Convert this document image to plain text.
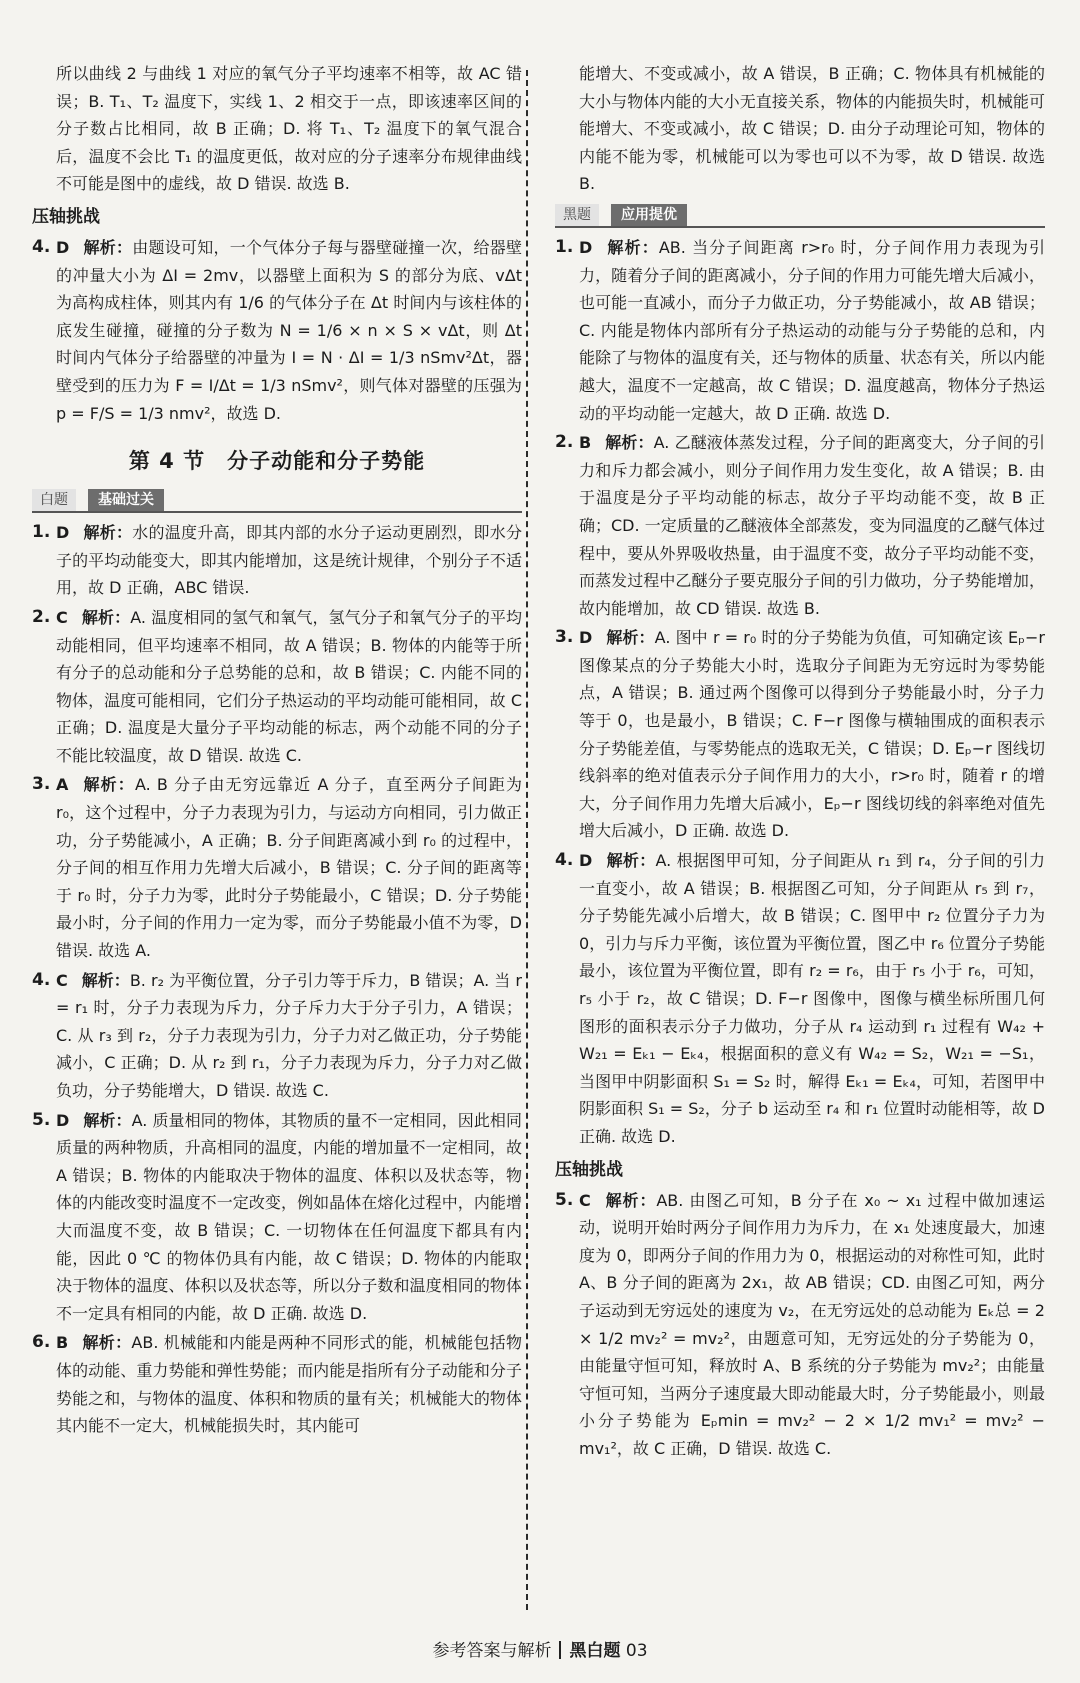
所以曲线 2 与曲线 1 对应的氧气分子平均速率不相等，故 AC 错误；B. T₁、T₂ 温度下，实线 1、2 相交于一点，即该速率区间的分子数占比相同，故 B 正确；D. 将 T₁、T₂ 温度下的氧气混合后，温度不会比 T₁ 的温度更低，故对应的分子速率分布规律曲线不可能是图中的虚线，故 D 错误. 故选 B.

压轴挑战
4. D 解析：由题设可知，一个气体分子每与器壁碰撞一次，给器壁的冲量大小为 ΔI = 2mv，以器壁上面积为 S 的部分为底、vΔt 为高构成柱体，则其内有 1/6 的气体分子在 Δt 时间内与该柱体的底发生碰撞，碰撞的分子数为 N = 1/6 × n × S × vΔt，则 Δt 时间内气体分子给器壁的冲量为 I = N · ΔI = 1/3 nSmv²Δt，器壁受到的压力为 F = I/Δt = 1/3 nSmv²，则气体对器壁的压强为 p = F/S = 1/3 nmv²，故选 D.

第 4 节　分子动能和分子势能
白题	基础过关
1. D 解析：水的温度升高，即其内部的水分子运动更剧烈，即水分子的平均动能变大，即其内能增加，这是统计规律，个别分子不适用，故 D 正确，ABC 错误.

2. C 解析：A. 温度相同的氢气和氧气，氢气分子和氧气分子的平均动能相同，但平均速率不相同，故 A 错误；B. 物体的内能等于所有分子的总动能和分子总势能的总和，故 B 错误；C. 内能不同的物体，温度可能相同，它们分子热运动的平均动能可能相同，故 C 正确；D. 温度是大量分子平均动能的标志，两个动能不同的分子不能比较温度，故 D 错误. 故选 C.

3. A 解析：A. B 分子由无穷远靠近 A 分子，直至两分子间距为 r₀，这个过程中，分子力表现为引力，与运动方向相同，引力做正功，分子势能减小，A 正确；B. 分子间距离减小到 r₀ 的过程中，分子间的相互作用力先增大后减小，B 错误；C. 分子间的距离等于 r₀ 时，分子力为零，此时分子势能最小，C 错误；D. 分子势能最小时，分子间的作用力一定为零，而分子势能最小值不为零，D 错误. 故选 A.

4. C 解析：B. r₂ 为平衡位置，分子引力等于斥力，B 错误；A. 当 r = r₁ 时，分子力表现为斥力，分子斥力大于分子引力，A 错误；C. 从 r₃ 到 r₂，分子力表现为引力，分子力对乙做正功，分子势能减小，C 正确；D. 从 r₂ 到 r₁，分子力表现为斥力，分子力对乙做负功，分子势能增大，D 错误. 故选 C.

5. D 解析：A. 质量相同的物体，其物质的量不一定相同，因此相同质量的两种物质，升高相同的温度，内能的增加量不一定相同，故 A 错误；B. 物体的内能取决于物体的温度、体积以及状态等，物体的内能改变时温度不一定改变，例如晶体在熔化过程中，内能增大而温度不变，故 B 错误；C. 一切物体在任何温度下都具有内能，因此 0 ℃ 的物体仍具有内能，故 C 错误；D. 物体的内能取决于物体的温度、体积以及状态等，所以分子数和温度相同的物体不一定具有相同的内能，故 D 正确. 故选 D.

6. B 解析：AB. 机械能和内能是两种不同形式的能，机械能包括物体的动能、重力势能和弹性势能；而内能是指所有分子动能和分子势能之和，与物体的温度、体积和物质的量有关；机械能大的物体其内能不一定大，机械能损失时，其内能可

能增大、不变或减小，故 A 错误，B 正确；C. 物体具有机械能的大小与物体内能的大小无直接关系，物体的内能损失时，机械能可能增大、不变或减小，故 C 错误；D. 由分子动理论可知，物体的内能不能为零，机械能可以为零也可以不为零，故 D 错误. 故选 B.

黑题	应用提优
1. D 解析：AB. 当分子间距离 r>r₀ 时，分子间作用力表现为引力，随着分子间的距离减小，分子间的作用力可能先增大后减小，也可能一直减小，而分子力做正功，分子势能减小，故 AB 错误；C. 内能是物体内部所有分子热运动的动能与分子势能的总和，内能除了与物体的温度有关，还与物体的质量、状态有关，所以内能越大，温度不一定越高，故 C 错误；D. 温度越高，物体分子热运动的平均动能一定越大，故 D 正确. 故选 D.

2. B 解析：A. 乙醚液体蒸发过程，分子间的距离变大，分子间的引力和斥力都会减小，则分子间作用力发生变化，故 A 错误；B. 由于温度是分子平均动能的标志，故分子平均动能不变，故 B 正确；CD. 一定质量的乙醚液体全部蒸发，变为同温度的乙醚气体过程中，要从外界吸收热量，由于温度不变，故分子平均动能不变，而蒸发过程中乙醚分子要克服分子间的引力做功，分子势能增加，故内能增加，故 CD 错误. 故选 B.

3. D 解析：A. 图中 r = r₀ 时的分子势能为负值，可知确定该 Eₚ−r 图像某点的分子势能大小时，选取分子间距为无穷远时为零势能点，A 错误；B. 通过两个图像可以得到分子势能最小时，分子力等于 0，也是最小，B 错误；C. F−r 图像与横轴围成的面积表示分子势能差值，与零势能点的选取无关，C 错误；D. Eₚ−r 图线切线斜率的绝对值表示分子间作用力的大小，r>r₀ 时，随着 r 的增大，分子间作用力先增大后减小，Eₚ−r 图线切线的斜率绝对值先增大后减小，D 正确. 故选 D.

4. D 解析：A. 根据图甲可知，分子间距从 r₁ 到 r₄，分子间的引力一直变小，故 A 错误；B. 根据图乙可知，分子间距从 r₅ 到 r₇，分子势能先减小后增大，故 B 错误；C. 图甲中 r₂ 位置分子力为 0，引力与斥力平衡，该位置为平衡位置，图乙中 r₆ 位置分子势能最小，该位置为平衡位置，即有 r₂ = r₆，由于 r₅ 小于 r₆，可知，r₅ 小于 r₂，故 C 错误；D. F−r 图像中，图像与横坐标所围几何图形的面积表示分子力做功，分子从 r₄ 运动到 r₁ 过程有 W₄₂ + W₂₁ = Eₖ₁ − Eₖ₄，根据面积的意义有 W₄₂ = S₂，W₂₁ = −S₁，当图甲中阴影面积 S₁ = S₂ 时，解得 Eₖ₁ = Eₖ₄，可知，若图甲中阴影面积 S₁ = S₂，分子 b 运动至 r₄ 和 r₁ 位置时动能相等，故 D 正确. 故选 D.

压轴挑战
5. C 解析：AB. 由图乙可知，B 分子在 x₀ ~ x₁ 过程中做加速运动，说明开始时两分子间作用力为斥力，在 x₁ 处速度最大，加速度为 0，即两分子间的作用力为 0，根据运动的对称性可知，此时 A、B 分子间的距离为 2x₁，故 AB 错误；CD. 由图乙可知，两分子运动到无穷远处的速度为 v₂，在无穷远处的总动能为 Eₖ总 = 2 × 1/2 mv₂² = mv₂²，由题意可知，无穷远处的分子势能为 0，由能量守恒可知，释放时 A、B 系统的分子势能为 mv₂²；由能量守恒可知，当两分子速度最大即动能最大时，分子势能最小，则最小分子势能为 Eₚmin = mv₂² − 2 × 1/2 mv₁² = mv₂² − mv₁²，故 C 正确，D 错误. 故选 C.

参考答案与解析 黑白题 03
